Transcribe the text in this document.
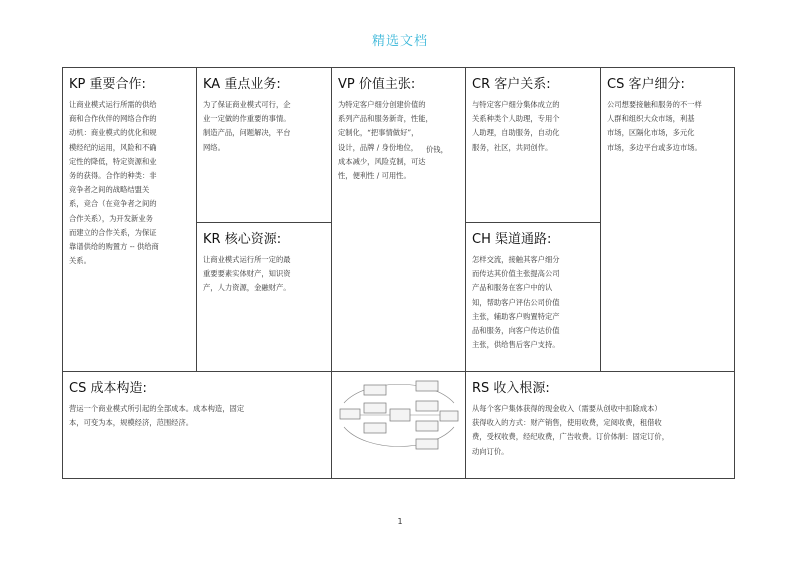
精选文档
KP 重要合作:

让商业模式运行所需的供给
商和合作伙伴的网络合作的
动机：商业模式的优化和规
模经纪的运用，风险和不确
定性的降低，特定资源和业
务的获得。合作的种类：非
竞争者之间的战略结盟关
系，竞合（在竞争者之间的
合作关系），为开发新业务
而建立的合作关系，为保证
靠谱供给的购置方 -- 供给商
关系。

KA 重点业务:

为了保证商业模式可行，企
业一定做的作重要的事情。
制造产品，问题解决，平台
网络。

KR 核心资源:

让商业模式运行所一定的最
重要要素实体财产，知识资
产，人力资源，金融财产。

VP 价值主张:

为特定客户细分创建价值的
系列产品和服务新奇，性能，
定制化，“把事情做好”，
设计，品牌 / 身份地位，
成本减少，风险克制，可达
性，便利性 / 可用性。

价钱，
CR 客户关系:

与特定客户细分集体成立的
关系种类个人助理，专用个
人助理，自助服务，自动化
服务，社区，共同创作。

CH 渠道通路:

怎样交流，接触其客户细分
而传达其价值主张提高公司
产品和服务在客户中的认
知，帮助客户评估公司价值
主张，辅助客户购置特定产
品和服务，向客户传达价值
主张，供给售后客户支持。

CS 客户细分:

公司想要接触和服务的不一样
人群和组织大众市场，利基
市场，区隔化市场，多元化
市场，多边平台或多边市场。

CS 成本构造:

营运一个商业模式所引起的全部成本。成本构造，固定
本，可变为本，规模经济，范围经济。

RS 收入根源:

从每个客户集体获得的现金收入（需要从创收中扣除成本）
获得收入的方式：财产销售，使用收费，定阅收费，租借收
费，受权收费，经纪收费，广告收费。订价体制：固定订价，
动向订价。

1
